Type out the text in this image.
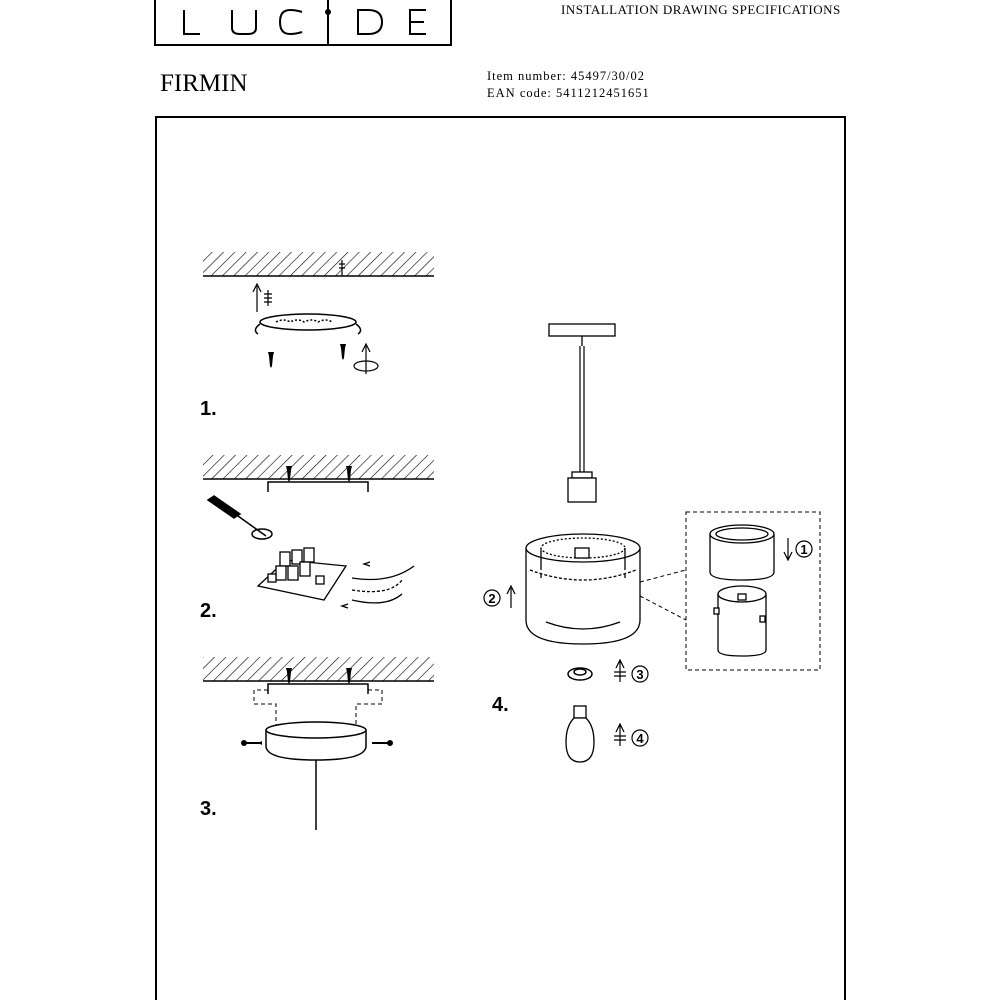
INSTALLATION DRAWING SPECIFICATIONS
FIRMIN	Item number: 45497/30/02
EAN code: 5411212451651
1
2
3
4
1.
2.
3.
4.
